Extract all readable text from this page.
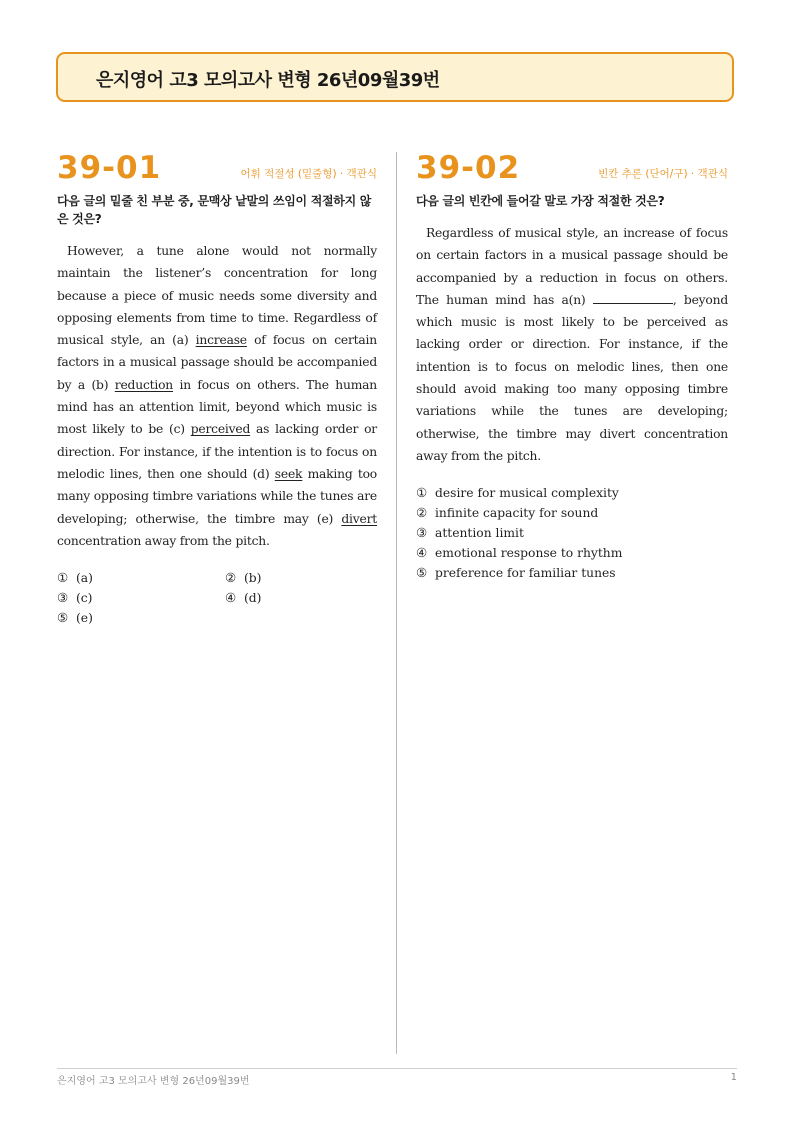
은지영어 고3 모의고사 변형 26년09월39번
39-01	어휘 적절성 (밑줄형) · 객관식
다음 글의 밑줄 친 부분 중, 문맥상 낱말의 쓰임이 적절하지 않은 것은?
However, a tune alone would not normally maintain the listener’s concentration for long because a piece of music needs some diversity and opposing elements from time to time. Regardless of musical style, an (a) increase of focus on certain factors in a musical passage should be accompanied by a (b) reduction in focus on others. The human mind has an attention limit, beyond which music is most likely to be (c) perceived as lacking order or direction. For instance, if the intention is to focus on melodic lines, then one should (d) seek making too many opposing timbre variations while the tunes are developing; otherwise, the timbre may (e) divert concentration away from the pitch.
① (a)	② (b)
③ (c)	④ (d)
⑤ (e)
39-02	빈칸 추론 (단어/구) · 객관식
다음 글의 빈칸에 들어갈 말로 가장 적절한 것은?
Regardless of musical style, an increase of focus on certain factors in a musical passage should be accompanied by a reduction in focus on others. The human mind has a(n)	, beyond which music is most likely to be perceived as lacking order or direction. For instance, if the intention is to focus on melodic lines, then one should avoid making too many opposing timbre variations while the tunes are developing; otherwise, the timbre may divert concentration away from the pitch.
① desire for musical complexity
② infinite capacity for sound
③ attention limit
④ emotional response to rhythm
⑤ preference for familiar tunes
은지영어 고3 모의고사 변형 26년09월39번	1
